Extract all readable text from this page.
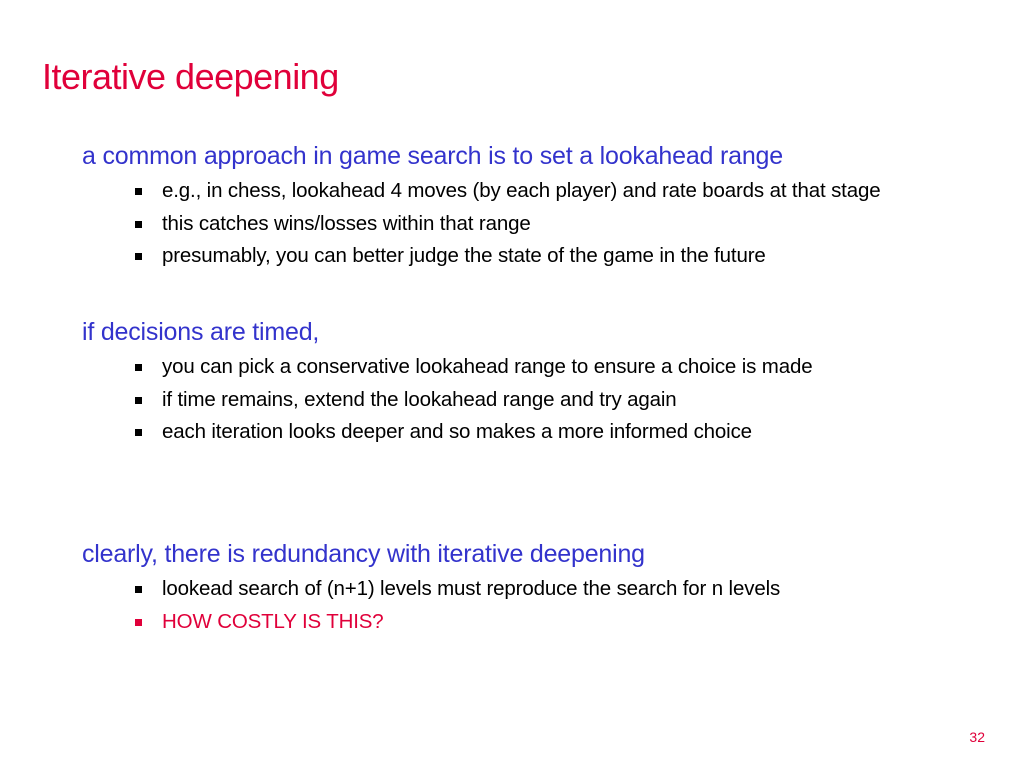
Iterative deepening

a common approach in game search is to set a lookahead range

e.g., in chess, lookahead 4 moves (by each player) and rate boards at that stage
this catches wins/losses within that range
presumably, you can better judge the state of the game in the future

if decisions are timed,

you can pick a conservative lookahead range to ensure a choice is made
if time remains, extend the lookahead range and try again
each iteration looks deeper and so makes a more informed choice

clearly, there is redundancy with iterative deepening

lookead search of (n+1) levels must reproduce the search for n levels
HOW COSTLY IS THIS?
32
